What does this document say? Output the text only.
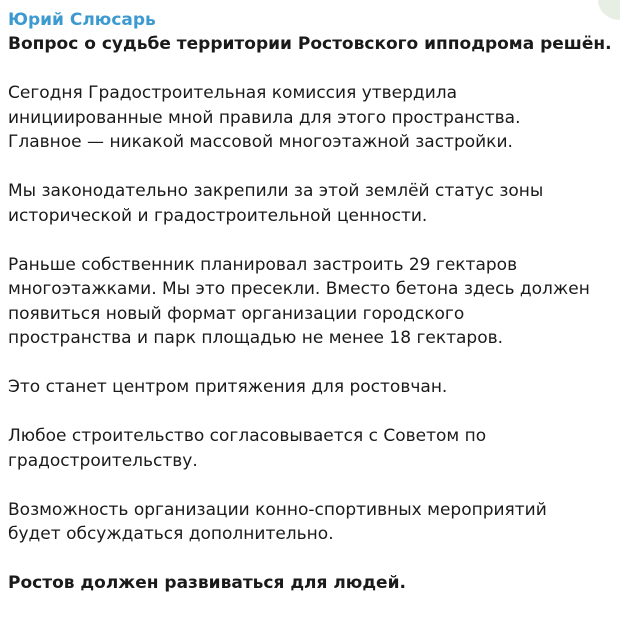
Юрий Слюсарь
Вопрос о судьбе территории Ростовского ипподрома решён.
Сегодня Градостроительная комиссия утвердила
инициированные мной правила для этого пространства.
Главное — никакой массовой многоэтажной застройки.
Мы законодательно закрепили за этой землёй статус зоны
исторической и градостроительной ценности.
Раньше собственник планировал застроить 29 гектаров
многоэтажками. Мы это пресекли. Вместо бетона здесь должен
появиться новый формат организации городского
пространства и парк площадью не менее 18 гектаров.
Это станет центром притяжения для ростовчан.
Любое строительство согласовывается с Советом по
градостроительству.
Возможность организации конно-спортивных мероприятий
будет обсуждаться дополнительно.
Ростов должен развиваться для людей.
